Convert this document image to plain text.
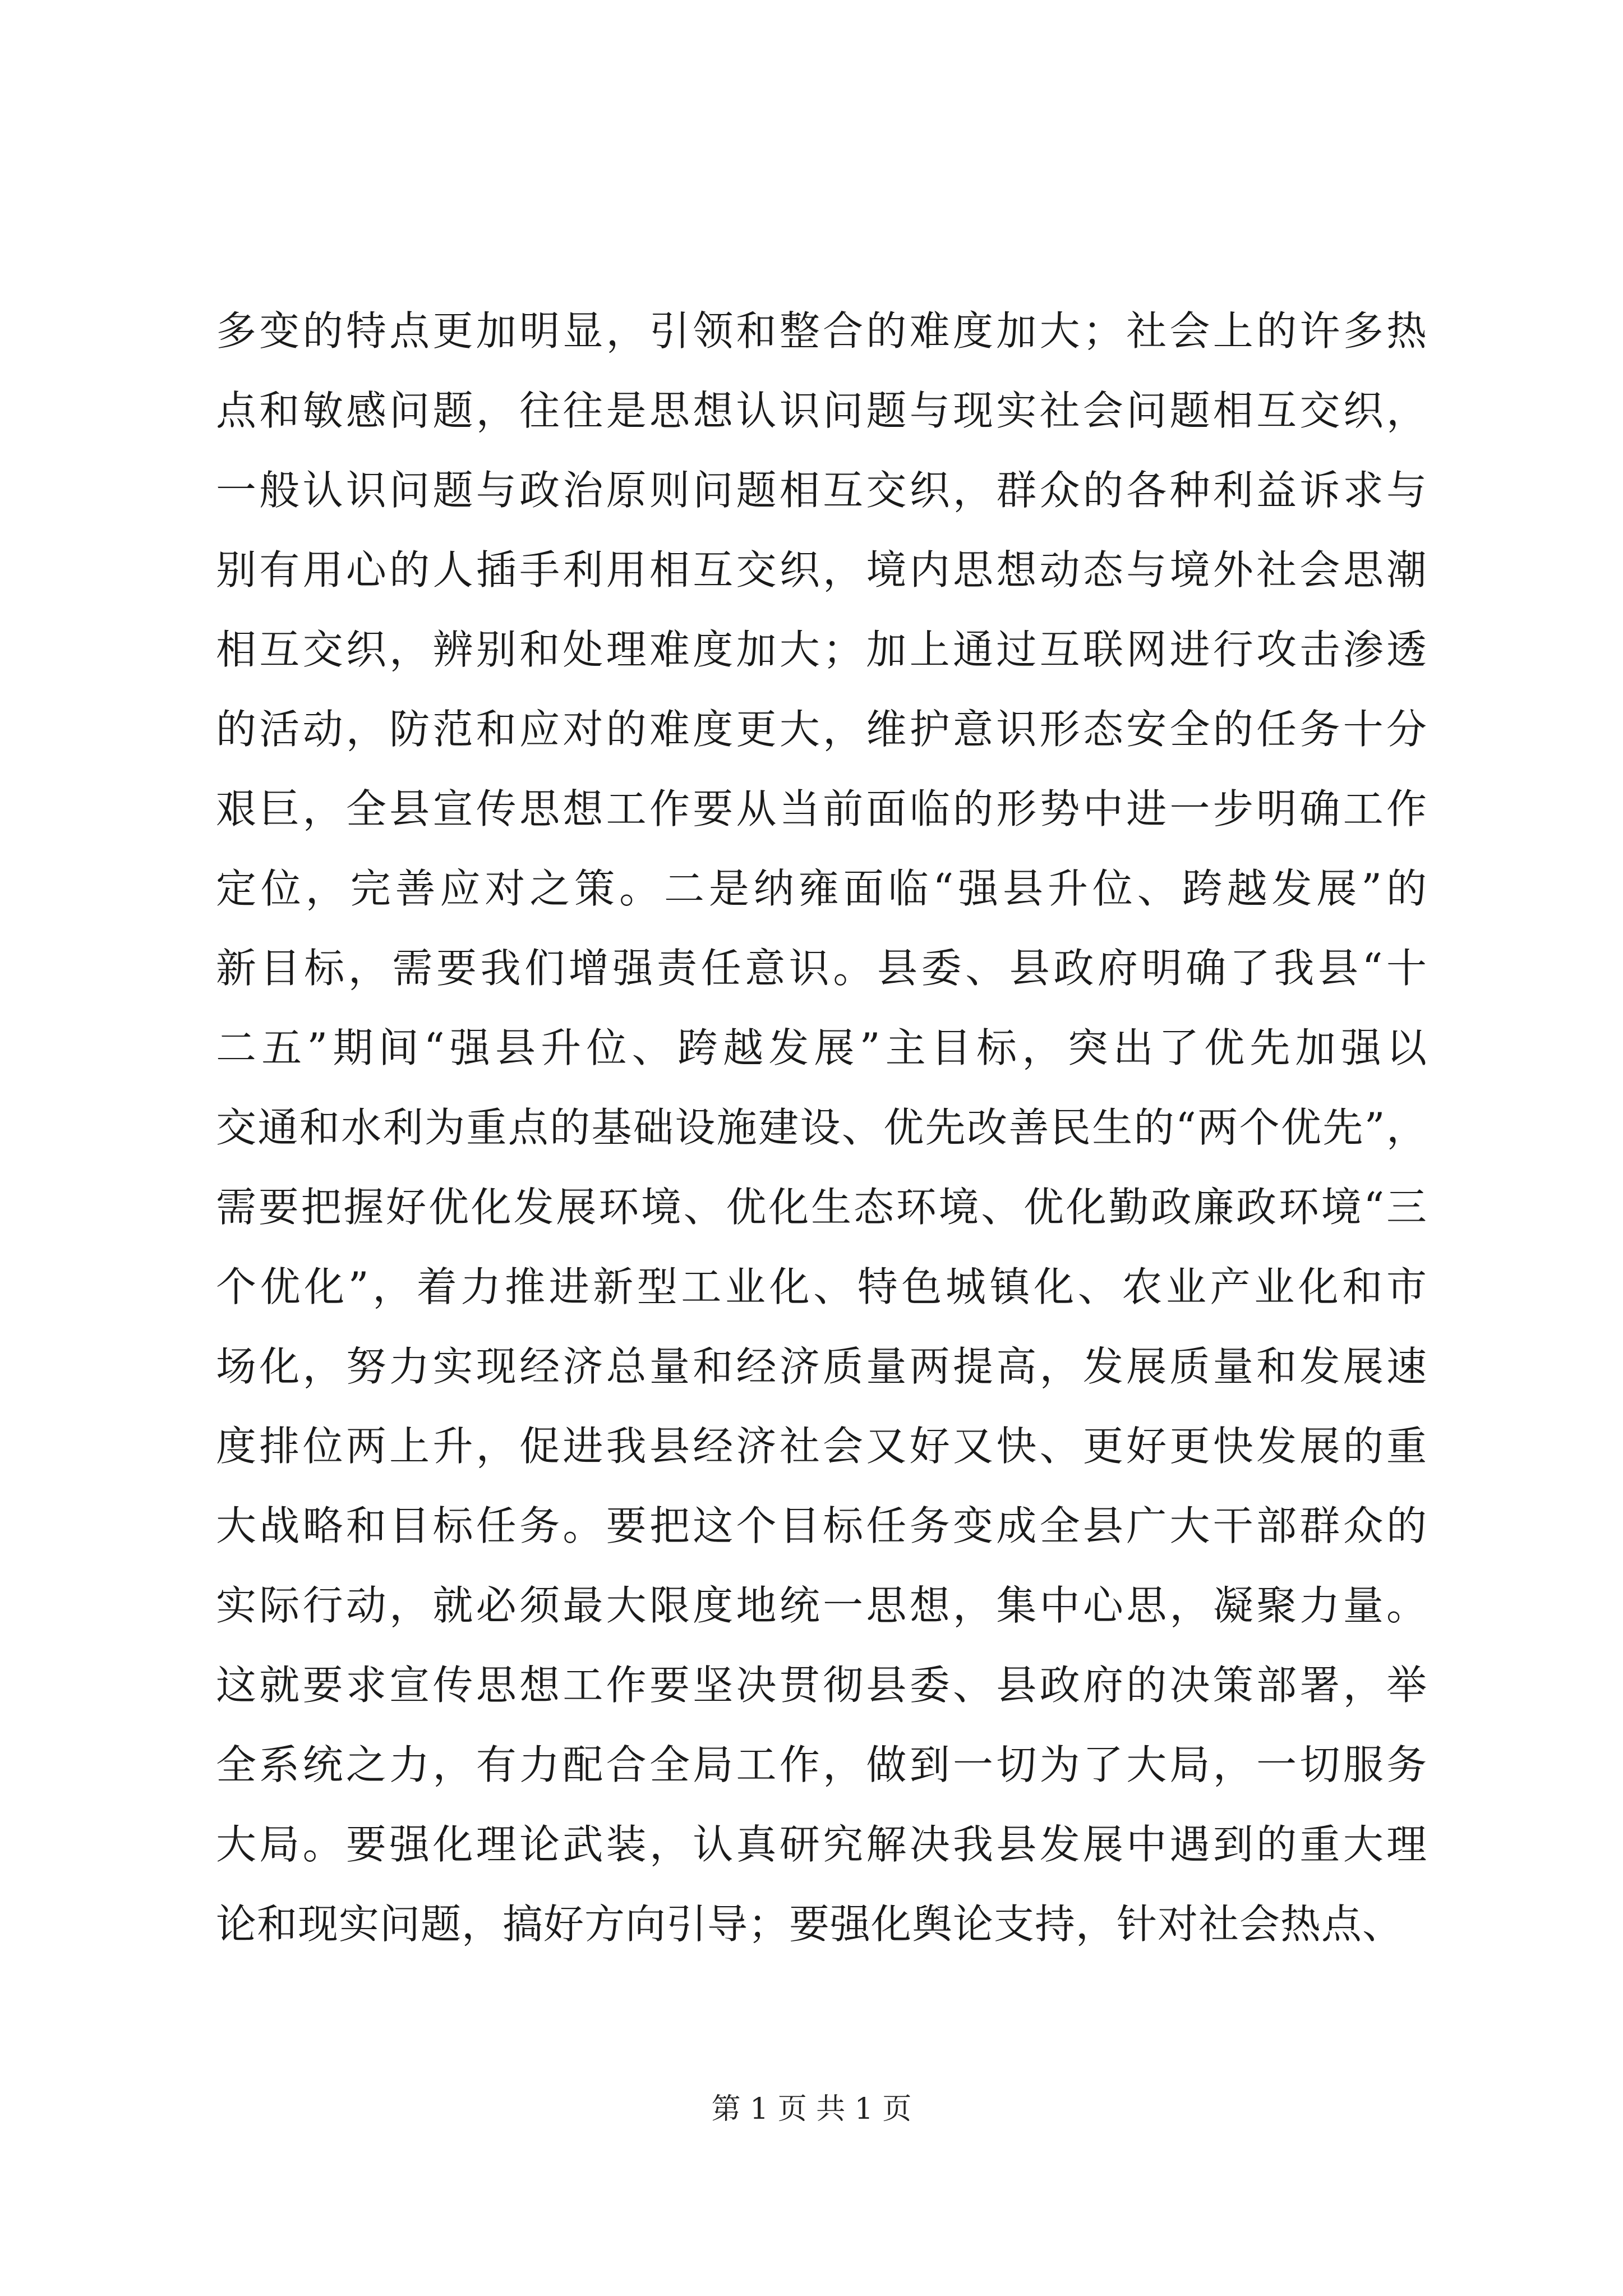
多变的特点更加明显，引领和整合的难度加大；社会上的许多热
点和敏感问题，往往是思想认识问题与现实社会问题相互交织，
一般认识问题与政治原则问题相互交织，群众的各种利益诉求与
别有用心的人插手利用相互交织，境内思想动态与境外社会思潮
相互交织，辨别和处理难度加大；加上通过互联网进行攻击渗透
的活动，防范和应对的难度更大，维护意识形态安全的任务十分
艰巨，全县宣传思想工作要从当前面临的形势中进一步明确工作
定位，完善应对之策。二是纳雍面临“强县升位、跨越发展”的
新目标，需要我们增强责任意识。县委、县政府明确了我县“十
二五”期间“强县升位、跨越发展”主目标，突出了优先加强以
交通和水利为重点的基础设施建设、优先改善民生的“两个优先”，
需要把握好优化发展环境、优化生态环境、优化勤政廉政环境“三
个优化”，着力推进新型工业化、特色城镇化、农业产业化和市
场化，努力实现经济总量和经济质量两提高，发展质量和发展速
度排位两上升，促进我县经济社会又好又快、更好更快发展的重
大战略和目标任务。要把这个目标任务变成全县广大干部群众的
实际行动，就必须最大限度地统一思想，集中心思，凝聚力量。
这就要求宣传思想工作要坚决贯彻县委、县政府的决策部署，举
全系统之力，有力配合全局工作，做到一切为了大局，一切服务
大局。要强化理论武装，认真研究解决我县发展中遇到的重大理
论和现实问题，搞好方向引导；要强化舆论支持，针对社会热点、
第 1 页 共 1 页
